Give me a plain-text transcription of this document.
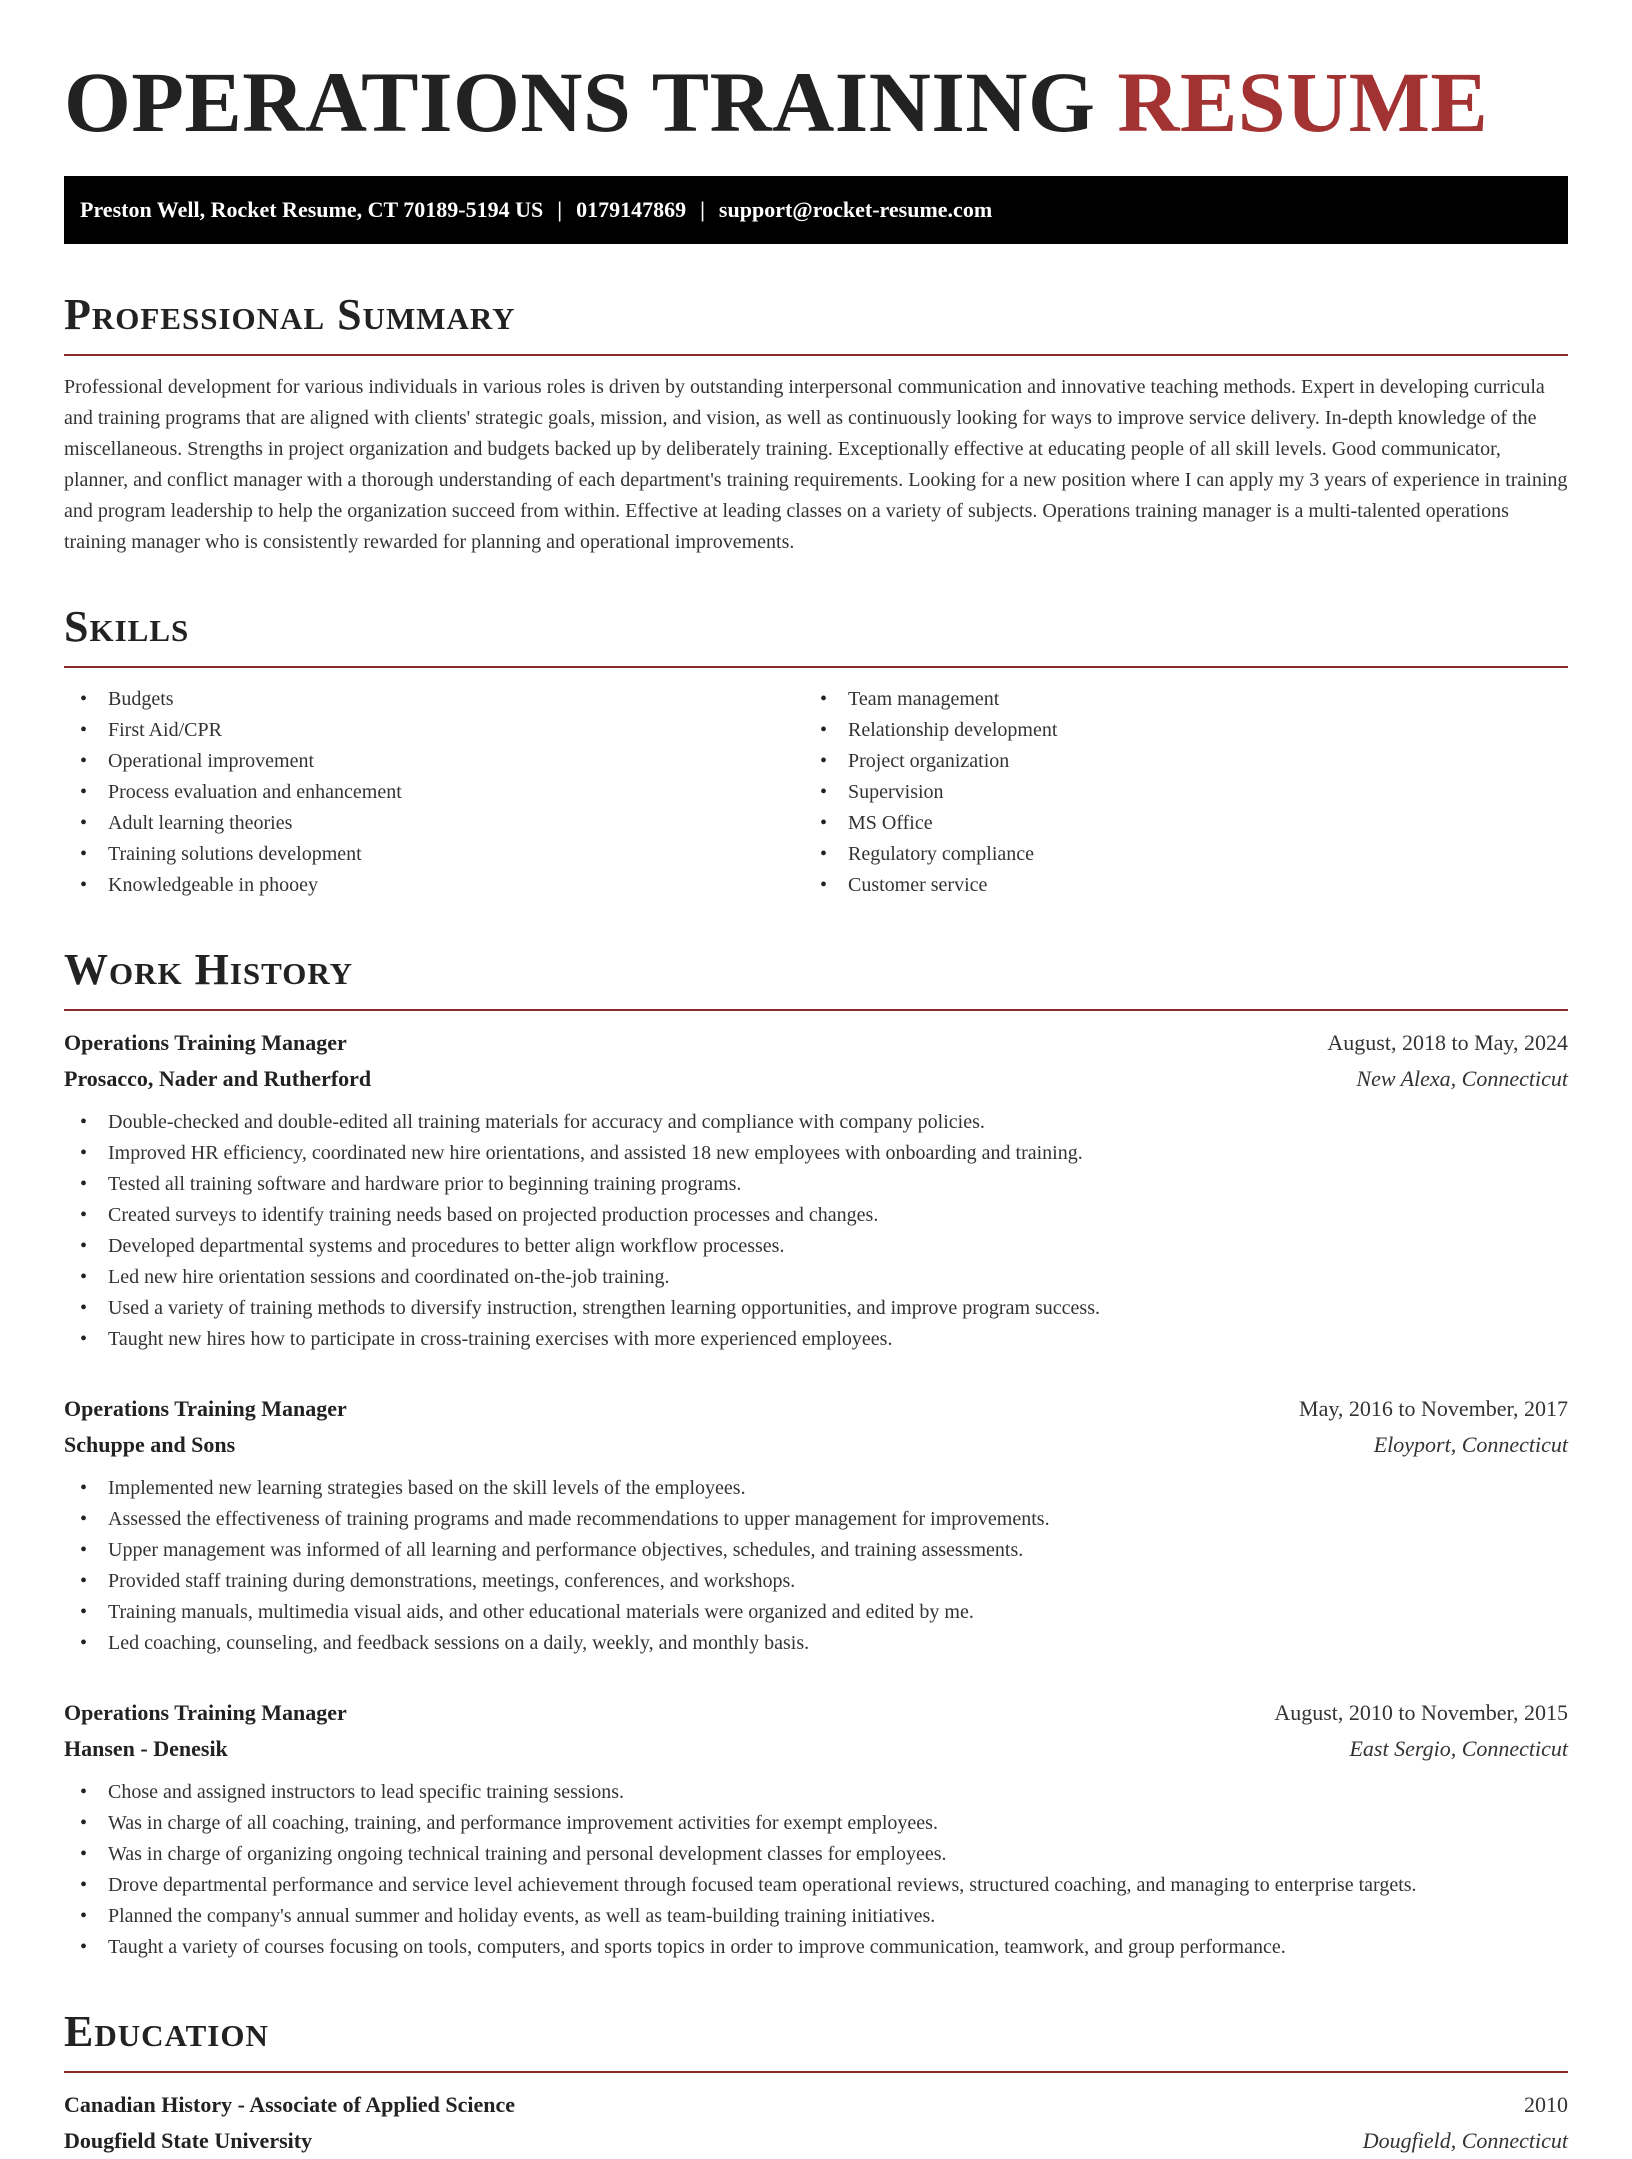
OPERATIONS TRAINING RESUME
Preston Well, Rocket Resume, CT 70189-5194 US | 0179147869 | support@rocket-resume.com
Professional Summary

Professional development for various individuals in various roles is driven by outstanding interpersonal communication and innovative teaching methods. Expert in developing curricula and training programs that are aligned with clients' strategic goals, mission, and vision, as well as continuously looking for ways to improve service delivery. In-depth knowledge of the miscellaneous. Strengths in project organization and budgets backed up by deliberately training. Exceptionally effective at educating people of all skill levels. Good communicator, planner, and conflict manager with a thorough understanding of each department's training requirements. Looking for a new position where I can apply my 3 years of experience in training and program leadership to help the organization succeed from within. Effective at leading classes on a variety of subjects. Operations training manager is a multi-talented operations training manager who is consistently rewarded for planning and operational improvements.

Skills
• Budgets
• First Aid/CPR
• Operational improvement
• Process evaluation and enhancement
• Adult learning theories
• Training solutions development
• Knowledgeable in phooey
• Team management
• Relationship development
• Project organization
• Supervision
• MS Office
• Regulatory compliance
• Customer service
Work History
Operations Training Manager	August, 2018 to May, 2024
Prosacco, Nader and Rutherford	New Alexa, Connecticut
• Double-checked and double-edited all training materials for accuracy and compliance with company policies.
• Improved HR efficiency, coordinated new hire orientations, and assisted 18 new employees with onboarding and training.
• Tested all training software and hardware prior to beginning training programs.
• Created surveys to identify training needs based on projected production processes and changes.
• Developed departmental systems and procedures to better align workflow processes.
• Led new hire orientation sessions and coordinated on-the-job training.
• Used a variety of training methods to diversify instruction, strengthen learning opportunities, and improve program success.
• Taught new hires how to participate in cross-training exercises with more experienced employees.
Operations Training Manager	May, 2016 to November, 2017
Schuppe and Sons	Eloyport, Connecticut
• Implemented new learning strategies based on the skill levels of the employees.
• Assessed the effectiveness of training programs and made recommendations to upper management for improvements.
• Upper management was informed of all learning and performance objectives, schedules, and training assessments.
• Provided staff training during demonstrations, meetings, conferences, and workshops.
• Training manuals, multimedia visual aids, and other educational materials were organized and edited by me.
• Led coaching, counseling, and feedback sessions on a daily, weekly, and monthly basis.
Operations Training Manager	August, 2010 to November, 2015
Hansen - Denesik	East Sergio, Connecticut
• Chose and assigned instructors to lead specific training sessions.
• Was in charge of all coaching, training, and performance improvement activities for exempt employees.
• Was in charge of organizing ongoing technical training and personal development classes for employees.
• Drove departmental performance and service level achievement through focused team operational reviews, structured coaching, and managing to enterprise targets.
• Planned the company's annual summer and holiday events, as well as team-building training initiatives.
• Taught a variety of courses focusing on tools, computers, and sports topics in order to improve communication, teamwork, and group performance.
Education
Canadian History - Associate of Applied Science	2010
Dougfield State University	Dougfield, Connecticut
